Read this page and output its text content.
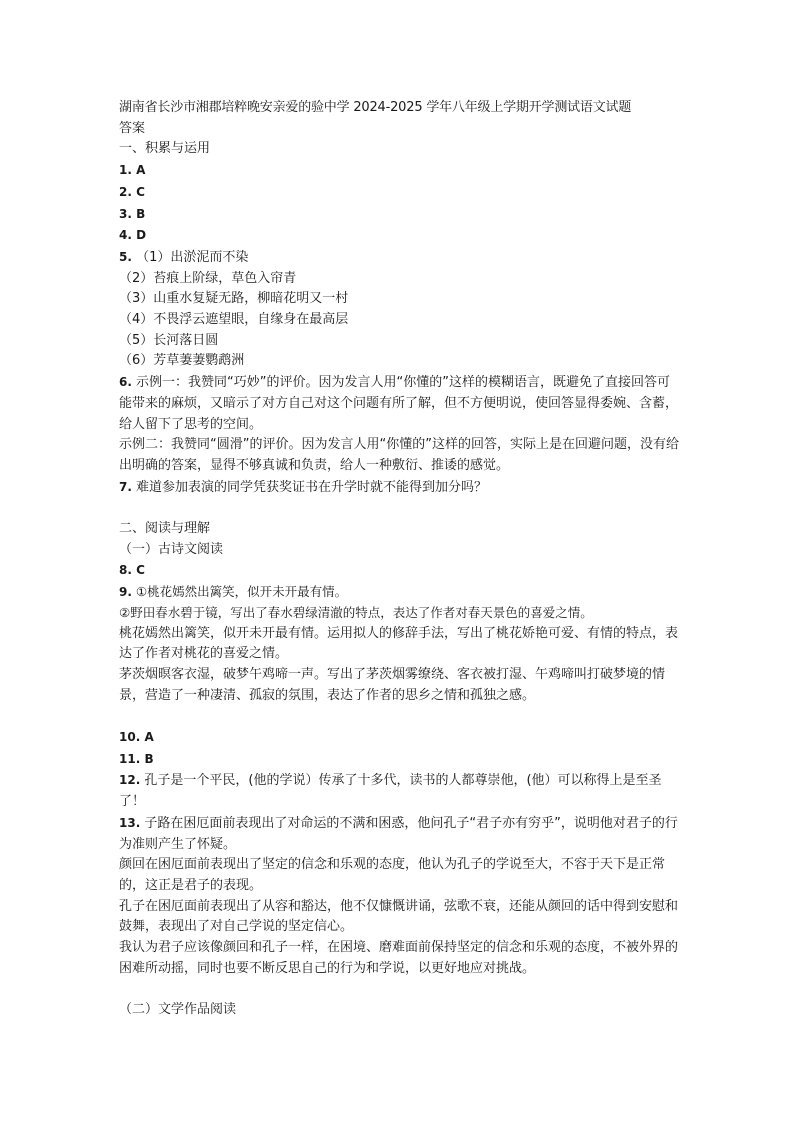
湖南省长沙市湘郡培粹晚安亲爱的验中学 2024-2025 学年八年级上学期开学测试语文试题

答案

一、积累与运用

1. A

2. C

3. B

4. D

5. （1）出淤泥而不染

（2）苔痕上阶绿，草色入帘青

（3）山重水复疑无路，柳暗花明又一村

（4）不畏浮云遮望眼，自缘身在最高层

（5）长河落日圆

（6）芳草萋萋鹦鹉洲

6. 示例一：我赞同“巧妙”的评价。因为发言人用“你懂的”这样的模糊语言，既避免了直接回答可能带来的麻烦，又暗示了对方自己对这个问题有所了解，但不方便明说，使回答显得委婉、含蓄，给人留下了思考的空间。

示例二：我赞同“圆滑”的评价。因为发言人用“你懂的”这样的回答，实际上是在回避问题，没有给出明确的答案，显得不够真诚和负责，给人一种敷衍、推诿的感觉。

7. 难道参加表演的同学凭获奖证书在升学时就不能得到加分吗？

二、阅读与理解

（一）古诗文阅读

8. C

9. ①桃花嫣然出篱笑，似开未开最有情。

②野田春水碧于镜，写出了春水碧绿清澈的特点，表达了作者对春天景色的喜爱之情。

桃花嫣然出篱笑，似开未开最有情。运用拟人的修辞手法，写出了桃花娇艳可爱、有情的特点，表达了作者对桃花的喜爱之情。

茅茨烟暝客衣湿，破梦午鸡啼一声。写出了茅茨烟雾缭绕、客衣被打湿、午鸡啼叫打破梦境的情景，营造了一种凄清、孤寂的氛围，表达了作者的思乡之情和孤独之感。

10. A

11. B

12. 孔子是一个平民，(他的学说）传承了十多代，读书的人都尊崇他，(他）可以称得上是至圣了！

13. 子路在困厄面前表现出了对命运的不满和困惑，他问孔子“君子亦有穷乎”，说明他对君子的行为准则产生了怀疑。

颜回在困厄面前表现出了坚定的信念和乐观的态度，他认为孔子的学说至大，不容于天下是正常的，这正是君子的表现。

孔子在困厄面前表现出了从容和豁达，他不仅慷慨讲诵，弦歌不衰，还能从颜回的话中得到安慰和鼓舞，表现出了对自己学说的坚定信心。

我认为君子应该像颜回和孔子一样，在困境、磨难面前保持坚定的信念和乐观的态度，不被外界的困难所动摇，同时也要不断反思自己的行为和学说，以更好地应对挑战。

（二）文学作品阅读
